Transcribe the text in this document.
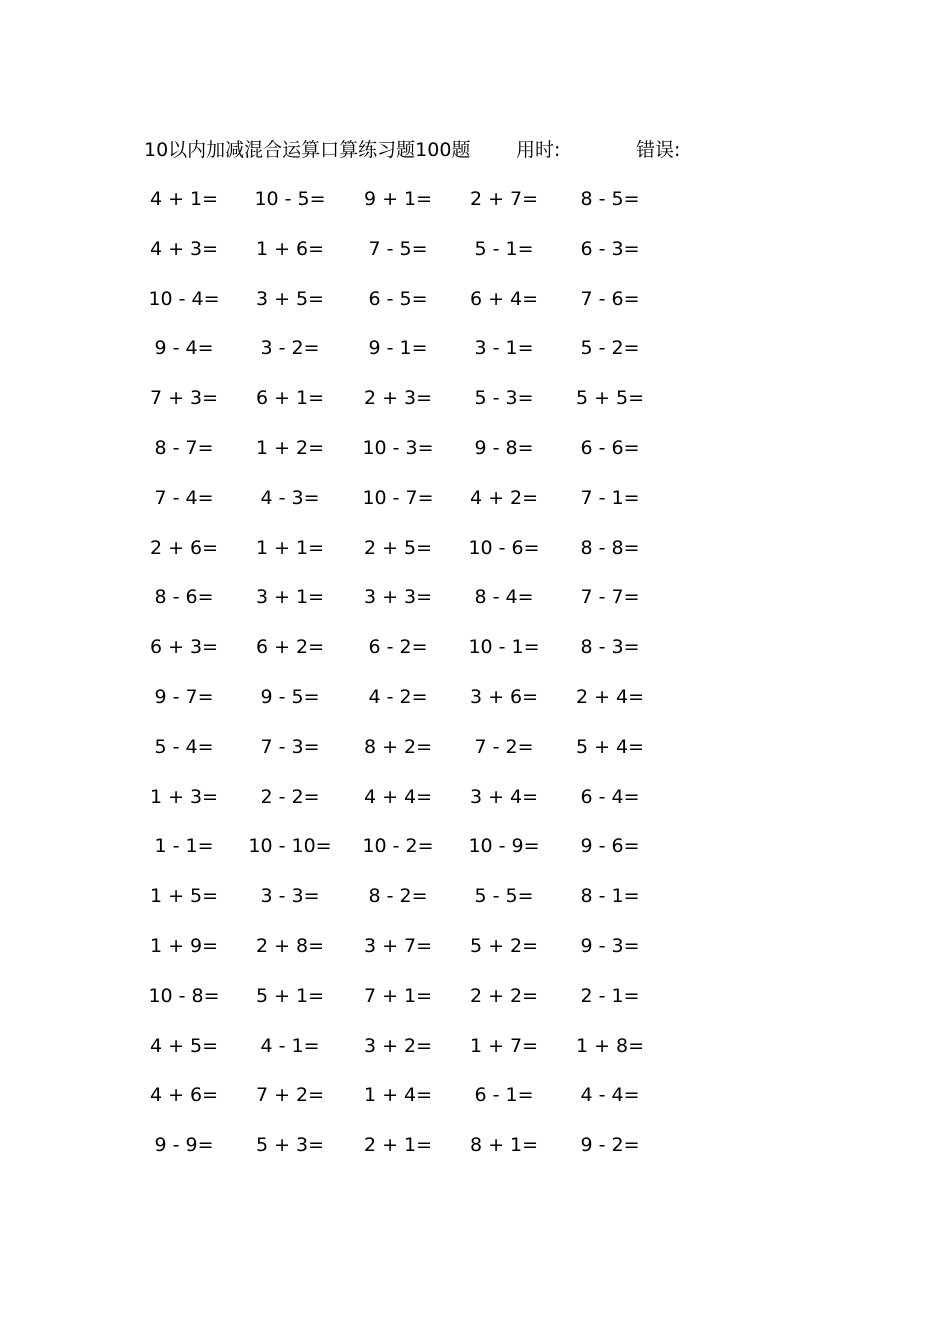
10以内加减混合运算口算练习题100题 用时:	错误:
4 + 1=	10 - 5=	9 + 1=	2 + 7=	8 - 5=
4 + 3=	1 + 6=	7 - 5=	5 - 1=	6 - 3=
10 - 4=	3 + 5=	6 - 5=	6 + 4=	7 - 6=
9 - 4=	3 - 2=	9 - 1=	3 - 1=	5 - 2=
7 + 3=	6 + 1=	2 + 3=	5 - 3=	5 + 5=
8 - 7=	1 + 2=	10 - 3=	9 - 8=	6 - 6=
7 - 4=	4 - 3=	10 - 7=	4 + 2=	7 - 1=
2 + 6=	1 + 1=	2 + 5=	10 - 6=	8 - 8=
8 - 6=	3 + 1=	3 + 3=	8 - 4=	7 - 7=
6 + 3=	6 + 2=	6 - 2=	10 - 1=	8 - 3=
9 - 7=	9 - 5=	4 - 2=	3 + 6=	2 + 4=
5 - 4=	7 - 3=	8 + 2=	7 - 2=	5 + 4=
1 + 3=	2 - 2=	4 + 4=	3 + 4=	6 - 4=
1 - 1=	10 - 10=	10 - 2=	10 - 9=	9 - 6=
1 + 5=	3 - 3=	8 - 2=	5 - 5=	8 - 1=
1 + 9=	2 + 8=	3 + 7=	5 + 2=	9 - 3=
10 - 8=	5 + 1=	7 + 1=	2 + 2=	2 - 1=
4 + 5=	4 - 1=	3 + 2=	1 + 7=	1 + 8=
4 + 6=	7 + 2=	1 + 4=	6 - 1=	4 - 4=
9 - 9=	5 + 3=	2 + 1=	8 + 1=	9 - 2=
